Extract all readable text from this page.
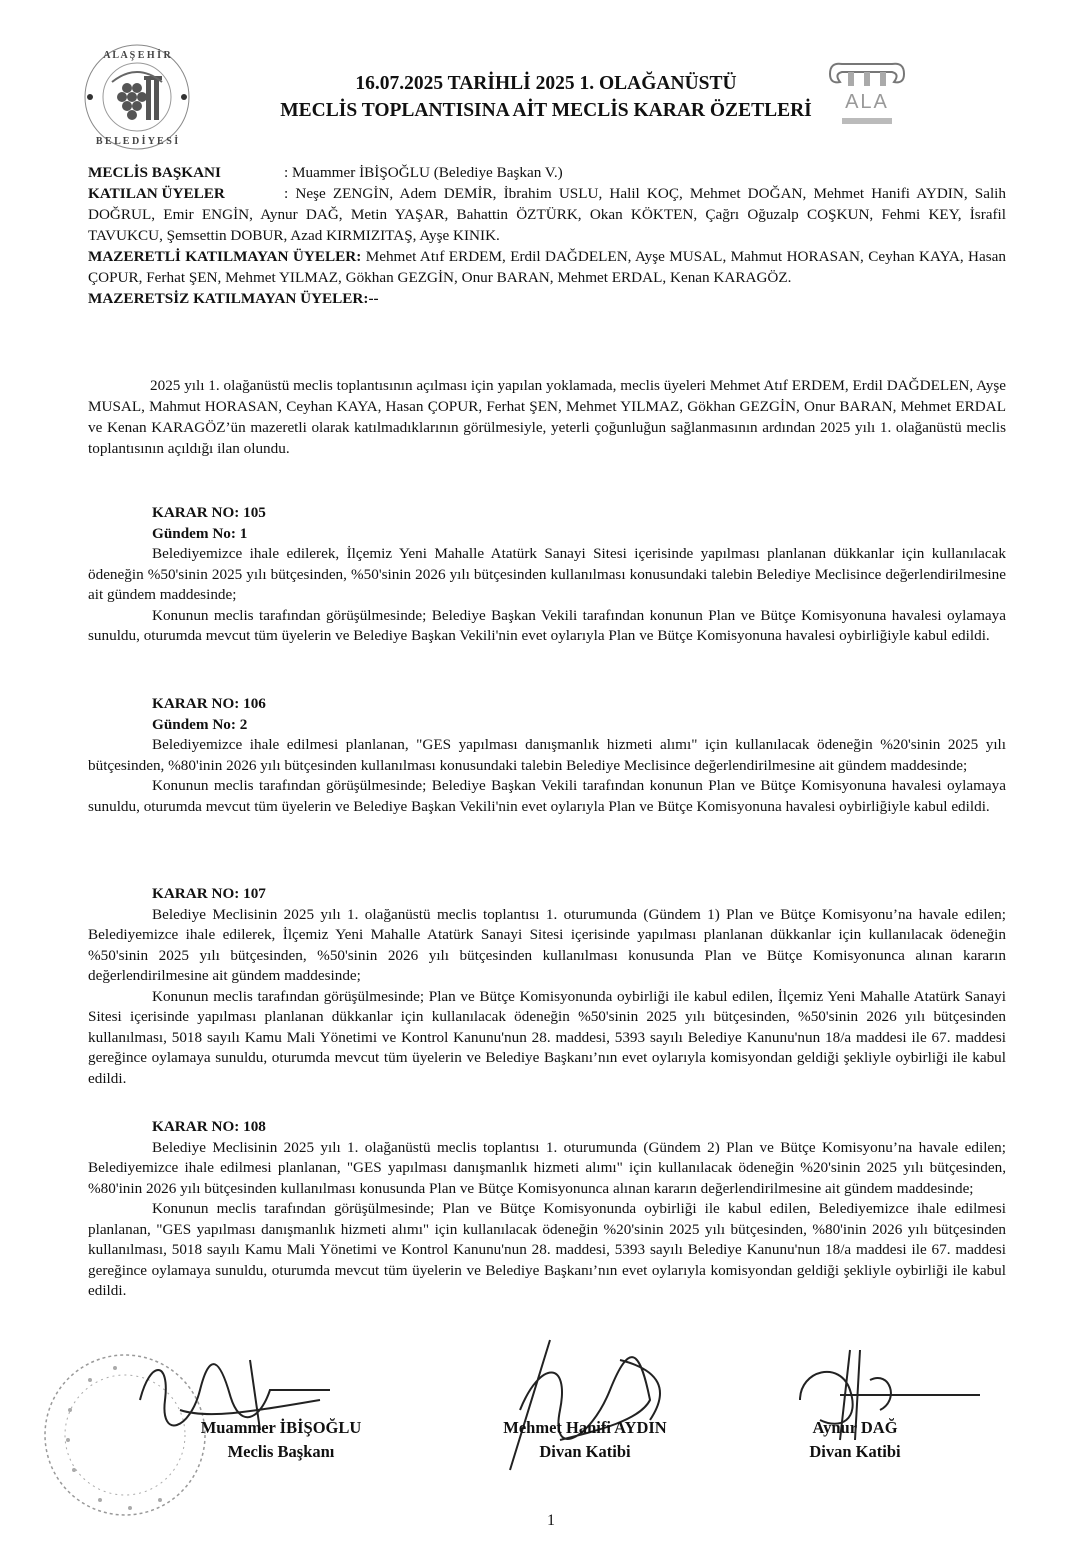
A L A Ş E H İ R
B E L E D İ Y E S İ
ALA
16.07.2025 TARİHLİ 2025 1. OLAĞANÜSTÜ
MECLİS TOPLANTISINA AİT MECLİS KARAR ÖZETLERİ
MECLİS BAŞKANI	: Muammer İBİŞOĞLU (Belediye Başkan V.)
KATILAN ÜYELER	: Neşe ZENGİN, Adem DEMİR, İbrahim USLU, Halil KOÇ, Mehmet DOĞAN, Mehmet Hanifi AYDIN, Salih DOĞRUL, Emir ENGİN, Aynur DAĞ, Metin YAŞAR, Bahattin ÖZTÜRK, Okan KÖKTEN, Çağrı Oğuzalp COŞKUN, Fehmi KEY, İsrafil TAVUKCU, Şemsettin DOBUR, Azad KIRMIZITAŞ, Ayşe KINIK.
MAZERETLİ KATILMAYAN ÜYELER: Mehmet Atıf ERDEM, Erdil DAĞDELEN, Ayşe MUSAL, Mahmut HORASAN, Ceyhan KAYA, Hasan ÇOPUR, Ferhat ŞEN, Mehmet YILMAZ, Gökhan GEZGİN, Onur BARAN, Mehmet ERDAL, Kenan KARAGÖZ.
MAZERETSİZ KATILMAYAN ÜYELER:--
2025 yılı 1. olağanüstü meclis toplantısının açılması için yapılan yoklamada, meclis üyeleri Mehmet Atıf ERDEM, Erdil DAĞDELEN, Ayşe MUSAL, Mahmut HORASAN, Ceyhan KAYA, Hasan ÇOPUR, Ferhat ŞEN, Mehmet YILMAZ, Gökhan GEZGİN, Onur BARAN, Mehmet ERDAL ve Kenan KARAGÖZ’ün mazeretli olarak katılmadıklarının görülmesiyle, yeterli çoğunluğun sağlanmasının ardından 2025 yılı 1. olağanüstü meclis toplantısının açıldığı ilan olundu.
KARAR NO: 105
Gündem No: 1

Belediyemizce ihale edilerek, İlçemiz Yeni Mahalle Atatürk Sanayi Sitesi içerisinde yapılması planlanan dükkanlar için kullanılacak ödeneğin %50'sinin 2025 yılı bütçesinden, %50'sinin 2026 yılı bütçesinden kullanılması konusundaki talebin Belediye Meclisince değerlendirilmesine ait gündem maddesinde;

Konunun meclis tarafından görüşülmesinde; Belediye Başkan Vekili tarafından konunun Plan ve Bütçe Komisyonuna havalesi oylamaya sunuldu, oturumda mevcut tüm üyelerin ve Belediye Başkan Vekili'nin evet oylarıyla Plan ve Bütçe Komisyonuna havalesi oybirliğiyle kabul edildi.

KARAR NO: 106
Gündem No: 2

Belediyemizce ihale edilmesi planlanan, "GES yapılması danışmanlık hizmeti alımı" için kullanılacak ödeneğin %20'sinin 2025 yılı bütçesinden, %80'inin 2026 yılı bütçesinden kullanılması konusundaki talebin Belediye Meclisince değerlendirilmesine ait gündem maddesinde;

Konunun meclis tarafından görüşülmesinde; Belediye Başkan Vekili tarafından konunun Plan ve Bütçe Komisyonuna havalesi oylamaya sunuldu, oturumda mevcut tüm üyelerin ve Belediye Başkan Vekili'nin evet oylarıyla Plan ve Bütçe Komisyonuna havalesi oybirliğiyle kabul edildi.

KARAR NO: 107

Belediye Meclisinin 2025 yılı 1. olağanüstü meclis toplantısı 1. oturumunda (Gündem 1) Plan ve Bütçe Komisyonu’na havale edilen; Belediyemizce ihale edilerek, İlçemiz Yeni Mahalle Atatürk Sanayi Sitesi içerisinde yapılması planlanan dükkanlar için kullanılacak ödeneğin %50'sinin 2025 yılı bütçesinden, %50'sinin 2026 yılı bütçesinden kullanılması konusunda Plan ve Bütçe Komisyonunca alınan kararın değerlendirilmesine ait gündem maddesinde;

Konunun meclis tarafından görüşülmesinde; Plan ve Bütçe Komisyonunda oybirliği ile kabul edilen, İlçemiz Yeni Mahalle Atatürk Sanayi Sitesi içerisinde yapılması planlanan dükkanlar için kullanılacak ödeneğin %50'sinin 2025 yılı bütçesinden, %50'sinin 2026 yılı bütçesinden kullanılması, 5018 sayılı Kamu Mali Yönetimi ve Kontrol Kanunu'nun 28. maddesi, 5393 sayılı Belediye Kanunu'nun 18/a maddesi ile 67. maddesi gereğince oylamaya sunuldu, oturumda mevcut tüm üyelerin ve Belediye Başkanı’nın evet oylarıyla komisyondan geldiği şekliyle oybirliği ile kabul edildi.

KARAR NO: 108

Belediye Meclisinin 2025 yılı 1. olağanüstü meclis toplantısı 1. oturumunda (Gündem 2) Plan ve Bütçe Komisyonu’na havale edilen; Belediyemizce ihale edilmesi planlanan, "GES yapılması danışmanlık hizmeti alımı" için kullanılacak ödeneğin %20'sinin 2025 yılı bütçesinden, %80'inin 2026 yılı bütçesinden kullanılması konusunda Plan ve Bütçe Komisyonunca alınan kararın değerlendirilmesine ait gündem maddesinde;

Konunun meclis tarafından görüşülmesinde; Plan ve Bütçe Komisyonunda oybirliği ile kabul edilen, Belediyemizce ihale edilmesi planlanan, "GES yapılması danışmanlık hizmeti alımı" için kullanılacak ödeneğin %20'sinin 2025 yılı bütçesinden, %80'inin 2026 yılı bütçesinden kullanılması, 5018 sayılı Kamu Mali Yönetimi ve Kontrol Kanunu'nun 28. maddesi, 5393 sayılı Belediye Kanunu'nun 18/a maddesi ile 67. maddesi gereğince oylamaya sunuldu, oturumda mevcut tüm üyelerin ve Belediye Başkanı’nın evet oylarıyla komisyondan geldiği şekliyle oybirliği ile kabul edildi.

Muammer İBİŞOĞLU
Meclis Başkanı
Mehmet Hanifi AYDIN
Divan Katibi
Aynur DAĞ
Divan Katibi
1
